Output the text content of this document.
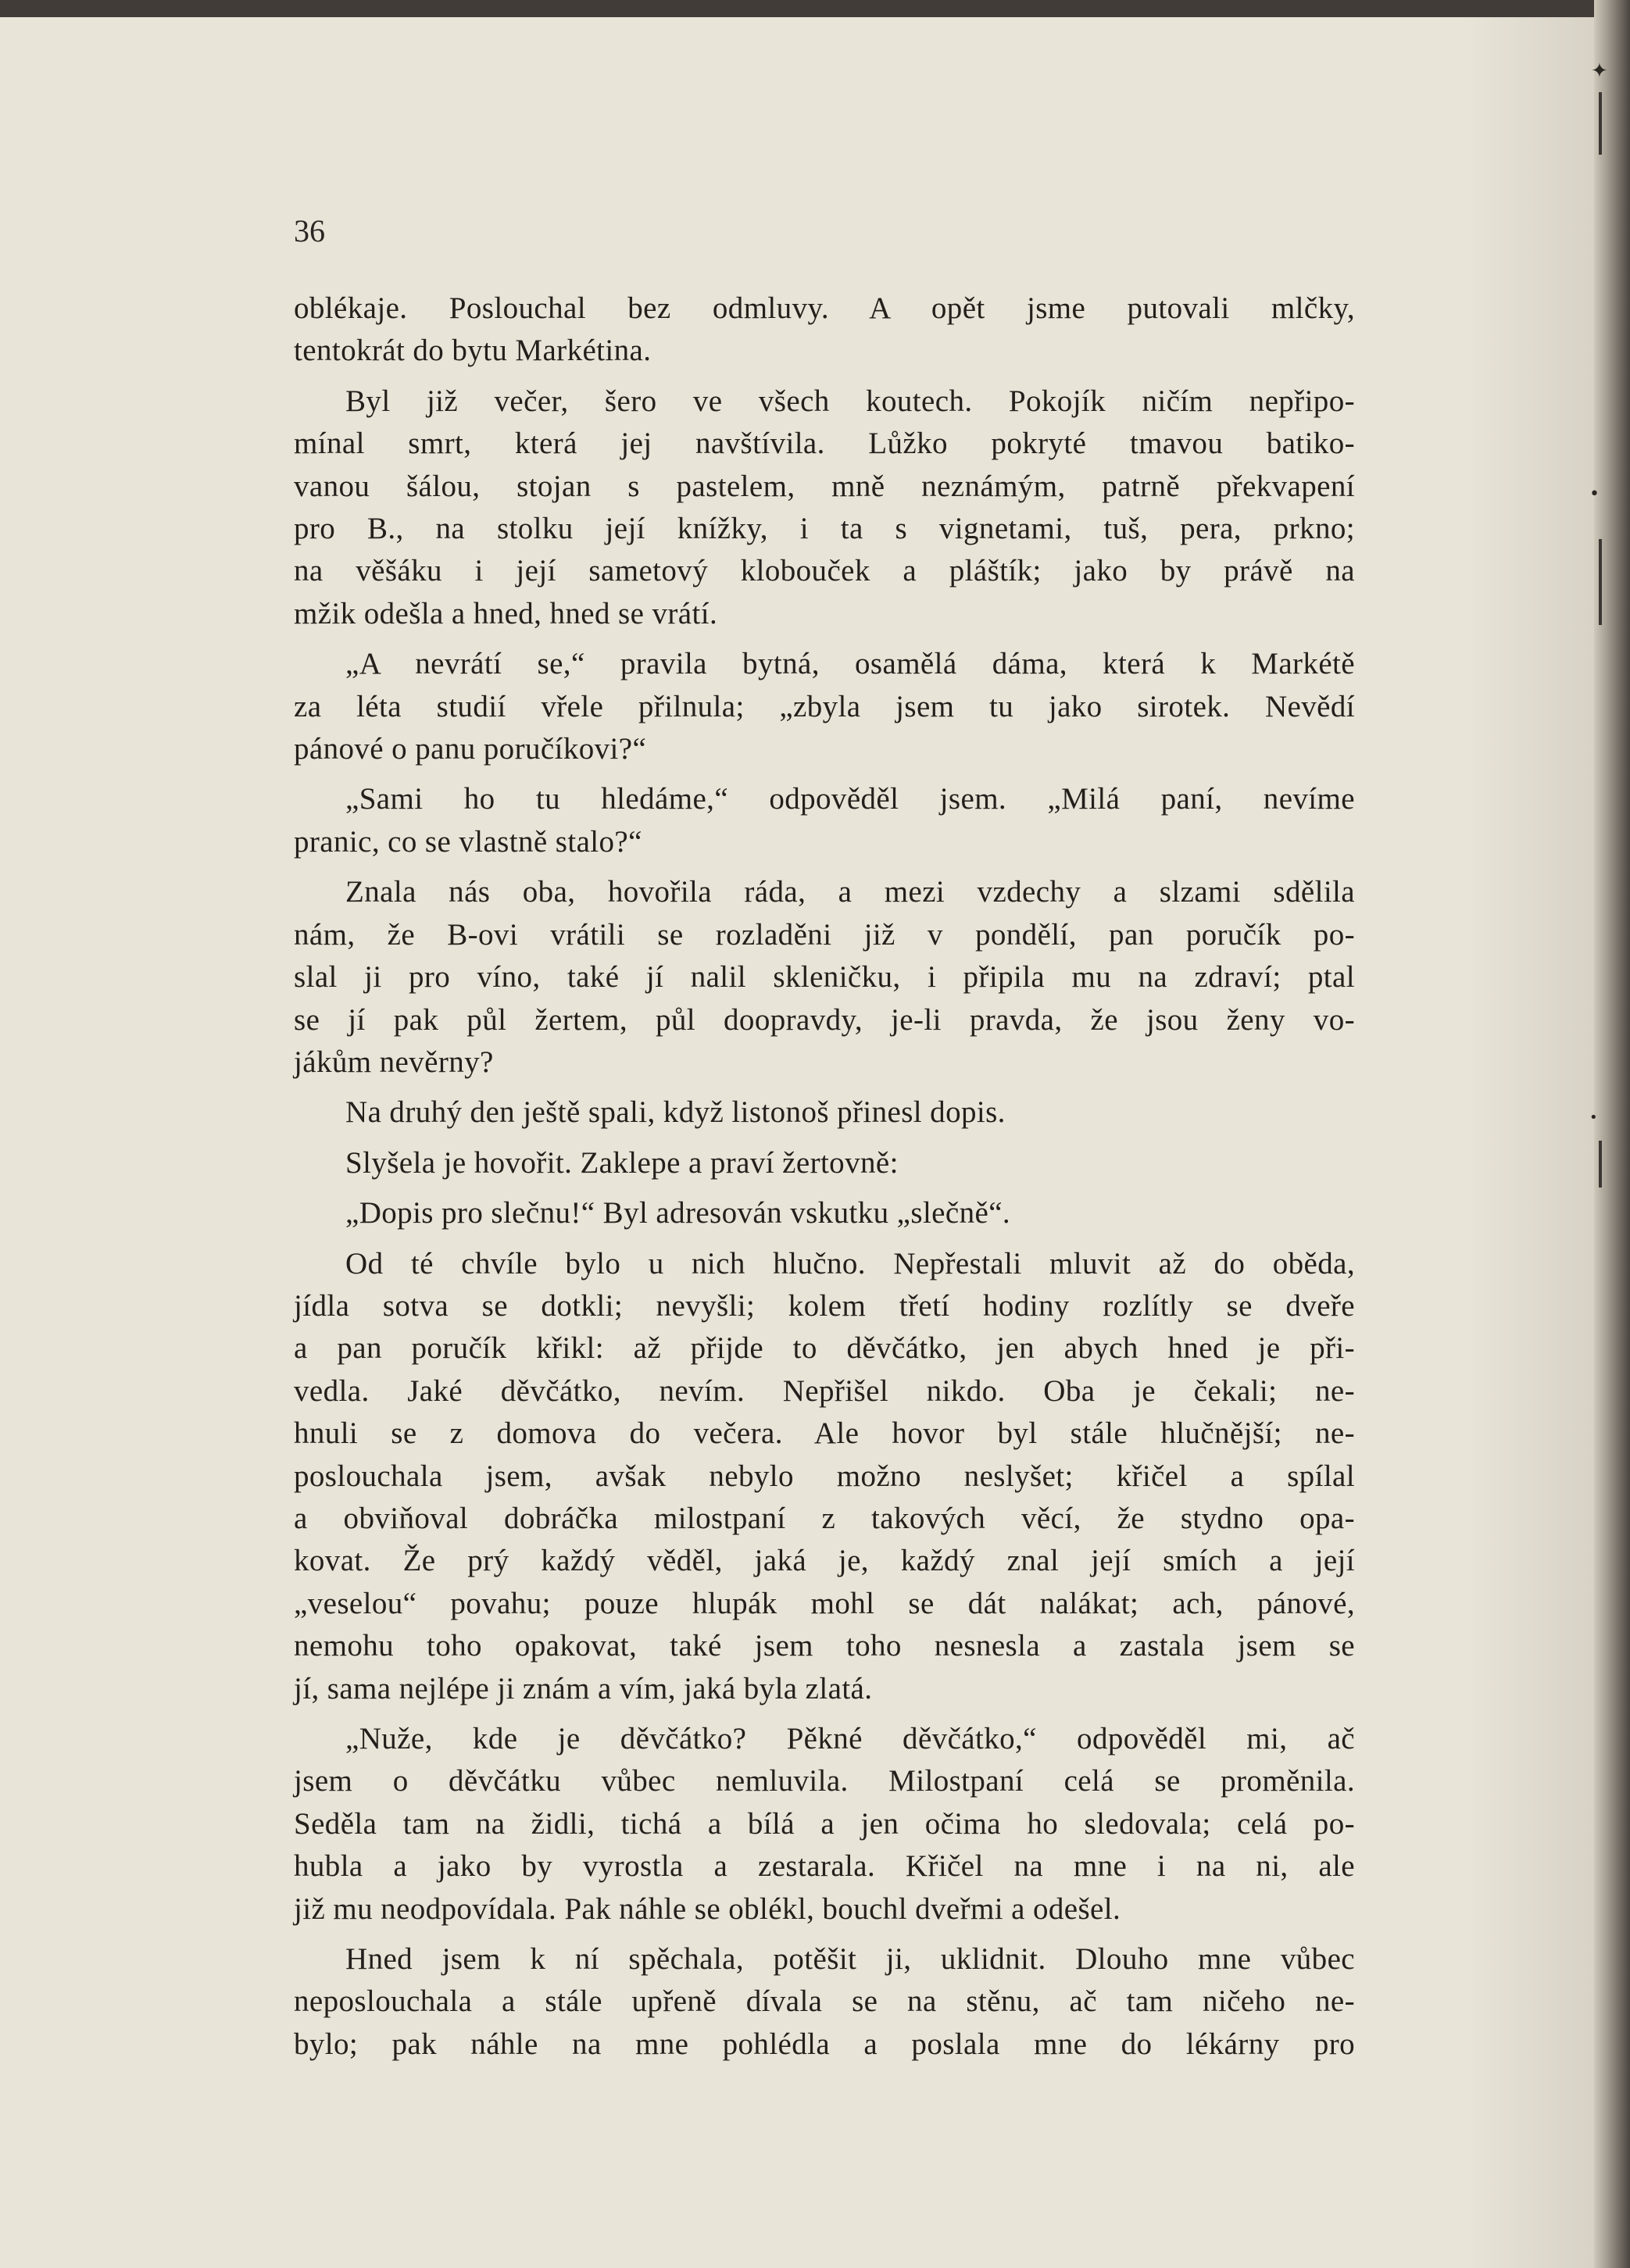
36
oblékaje. Poslouchal bez odmluvy. A opět jsme putovali mlčky,
tentokrát do bytu Markétina.
Byl již večer, šero ve všech koutech. Pokojík ničím nepřipo-
mínal smrt, která jej navštívila. Lůžko pokryté tmavou batiko-
vanou šálou, stojan s pastelem, mně neznámým, patrně překvapení
pro B., na stolku její knížky, i ta s vignetami, tuš, pera, prkno;
na věšáku i její sametový klobouček a pláštík; jako by právě na
mžik odešla a hned, hned se vrátí.
„A nevrátí se,“ pravila bytná, osamělá dáma, která k Markétě
za léta studií vřele přilnula; „zbyla jsem tu jako sirotek. Nevědí
pánové o panu poručíkovi?“
„Sami ho tu hledáme,“ odpověděl jsem. „Milá paní, nevíme
pranic, co se vlastně stalo?“
Znala nás oba, hovořila ráda, a mezi vzdechy a slzami sdělila
nám, že B-ovi vrátili se rozladěni již v pondělí, pan poručík po-
slal ji pro víno, také jí nalil skleničku, i připila mu na zdraví; ptal
se jí pak půl žertem, půl doopravdy, je-li pravda, že jsou ženy vo-
jákům nevěrny?
Na druhý den ještě spali, když listonoš přinesl dopis.
Slyšela je hovořit. Zaklepe a praví žertovně:
„Dopis pro slečnu!“ Byl adresován vskutku „slečně“.
Od té chvíle bylo u nich hlučno. Nepřestali mluvit až do oběda,
jídla sotva se dotkli; nevyšli; kolem třetí hodiny rozlítly se dveře
a pan poručík křikl: až přijde to děvčátko, jen abych hned je při-
vedla. Jaké děvčátko, nevím. Nepřišel nikdo. Oba je čekali; ne-
hnuli se z domova do večera. Ale hovor byl stále hlučnější; ne-
poslouchala jsem, avšak nebylo možno neslyšet; křičel a spílal
a obviňoval dobráčka milostpaní z takových věcí, že stydno opa-
kovat. Že prý každý věděl, jaká je, každý znal její smích a její
„veselou“ povahu; pouze hlupák mohl se dát nalákat; ach, pánové,
nemohu toho opakovat, také jsem toho nesnesla a zastala jsem se
jí, sama nejlépe ji znám a vím, jaká byla zlatá.
„Nuže, kde je děvčátko? Pěkné děvčátko,“ odpověděl mi, ač
jsem o děvčátku vůbec nemluvila. Milostpaní celá se proměnila.
Seděla tam na židli, tichá a bílá a jen očima ho sledovala; celá po-
hubla a jako by vyrostla a zestarala. Křičel na mne i na ni, ale
již mu neodpovídala. Pak náhle se oblékl, bouchl dveřmi a odešel.
Hned jsem k ní spěchala, potěšit ji, uklidnit. Dlouho mne vůbec
neposlouchala a stále upřeně dívala se na stěnu, ač tam ničeho ne-
bylo; pak náhle na mne pohlédla a poslala mne do lékárny pro
✦
•
•
